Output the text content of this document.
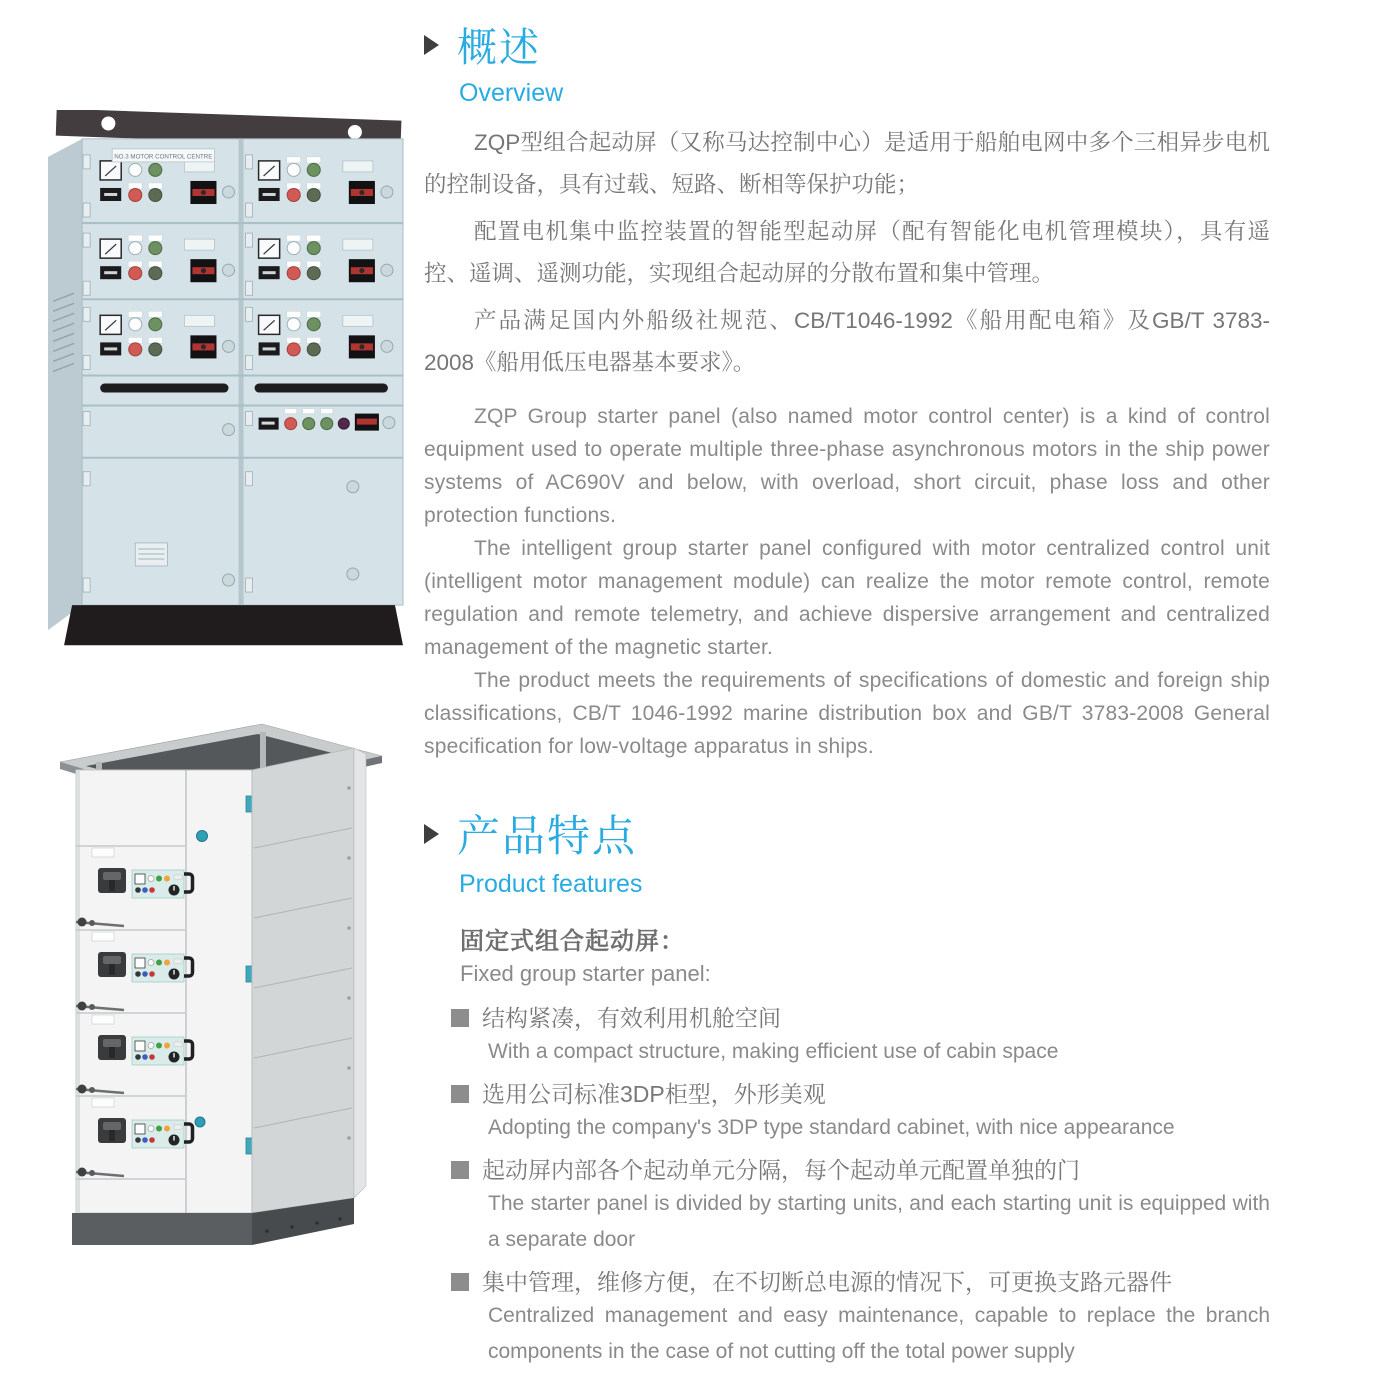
NO.3 MOTOR CONTROL CENTRE
概述
Overview

ZQP型组合起动屏（又称马达控制中心）是适用于船舶电网中多个三相异步电机的控制设备，具有过载、短路、断相等保护功能；

配置电机集中监控装置的智能型起动屏（配有智能化电机管理模块），具有遥控、遥调、遥测功能，实现组合起动屏的分散布置和集中管理。

产品满足国内外船级社规范、CB/T1046-1992《船用配电箱》及GB/T 3783-2008《船用低压电器基本要求》。

ZQP Group starter panel (also named motor control center) is a kind of control equipment used to operate multiple three-phase asynchronous motors in the ship power systems of AC690V and below, with overload, short circuit, phase loss and other protection functions.

The intelligent group starter panel configured with motor centralized control unit (intelligent motor management module) can realize the motor remote control, remote regulation and remote telemetry, and achieve dispersive arrangement and centralized management of the magnetic starter.

The product meets the requirements of specifications of domestic and foreign ship classifications, CB/T 1046-1992 marine distribution box and GB/T 3783-2008 General specification for low-voltage apparatus in ships.

产品特点
Product features
固定式组合起动屏：
Fixed group starter panel:
结构紧凑，有效利用机舱空间
With a compact structure, making efficient use of cabin space
选用公司标准3DP柜型，外形美观
Adopting the company's 3DP type standard cabinet, with nice appearance
起动屏内部各个起动单元分隔，每个起动单元配置单独的门
The starter panel is divided by starting units, and each starting unit is equipped with a separate door
集中管理，维修方便，在不切断总电源的情况下，可更换支路元器件
Centralized management and easy maintenance, capable to replace the branch components in the case of not cutting off the total power supply
